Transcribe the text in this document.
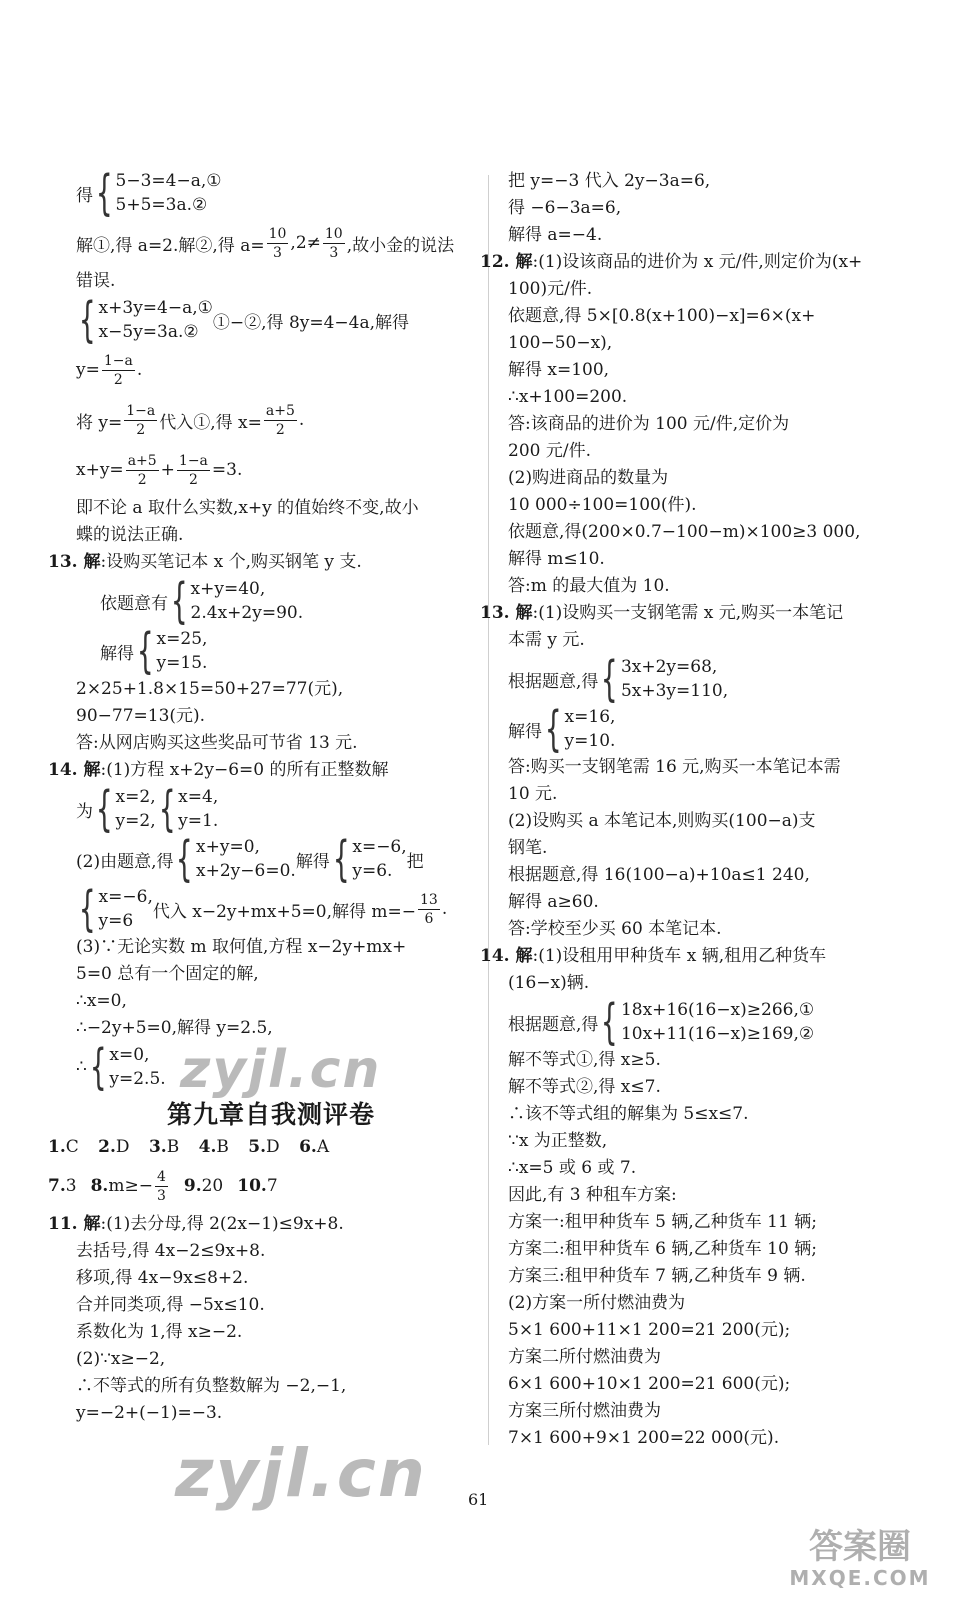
得 { 5−3=4−a,①
5+5=3a.②
解①,得 a=2.解②,得 $a= \frac{10}{3} ,2\ne 10$
3 ,故小金的说法
错误.
{ x+3y=4−a,①
x−5y=3a.② ①−②,得 8y=4−4a,解得
$y= \frac{1-a}{2}$ .
将 $y= \frac{1-a}{2}$ 代入①,得 $x= \frac{a+5}{2}$ .
$x+y= \frac{a+5}{2} + \frac{1-a}{2} =3$.
即不论 a 取什么实数,x+y 的值始终不变,故小
蝶的说法正确.
13. 解:设购买笔记本 x 个,购买钢笔 y 支.
依题意有 { x+y=40,
2.4x+2y=90.
解得 { x=25,
y=15.
2×25+1.8×15=50+27=77(元),
90−77=13(元).
答:从网店购买这些奖品可节省 13 元.
14. 解:(1)方程 x+2y−6=0 的所有正整数解
为 { x=2,
y=2, { x=4,
y=1.
(2)由题意,得 { x+y=0,
x+2y−6=0. 解得 { x=−6,
y=6. 把
{ x=−6,
y=6	代入 x−2y+mx+5=0,解得 $m=- \frac{13}{6}$ .
(3)∵无论实数 m 取何值,方程 x−2y+mx+
5=0 总有一个固定的解,
∴x=0,
∴−2y+5=0,解得 y=2.5,
∴ { x=0,
y=2.5.
第九章自我测评卷
1.C 2.D 3.B 4.B 5.D 6.A
7. 3 8. $m\ge- \frac{4}{3} 9$. 20 10. 7
11. 解:(1)去分母,得 2(2x−1)≤9x+8.
去括号,得 4x−2≤9x+8.
移项,得 4x−9x≤8+2.
合并同类项,得 −5x≤10.
系数化为 1,得 x≥−2.
(2)∵x≥−2,
∴不等式的所有负整数解为 −2,−1,
y=−2+(−1)=−3.
把 y=−3 代入 2y−3a=6,
得 −6−3a=6,
解得 a=−4.
12. 解:(1)设该商品的进价为 x 元/件,则定价为(x+
100)元/件.
依题意,得 5×[0.8(x+100)−x]=6×(x+
100−50−x),
解得 x=100,
∴x+100=200.
答:该商品的进价为 100 元/件,定价为
200 元/件.
(2)购进商品的数量为
10 000÷100=100(件).
依题意,得(200×0.7−100−m)×100≥3 000,
解得 m≤10.
答:m 的最大值为 10.
13. 解:(1)设购买一支钢笔需 x 元,购买一本笔记
本需 y 元.
根据题意,得 { 3x+2y=68,
5x+3y=110,
解得 { x=16,
y=10.
答:购买一支钢笔需 16 元,购买一本笔记本需
10 元.
(2)设购买 a 本笔记本,则购买(100−a)支
钢笔.
根据题意,得 16(100−a)+10a≤1 240,
解得 a≥60.
答:学校至少买 60 本笔记本.
14. 解:(1)设租用甲种货车 x 辆,租用乙种货车
(16−x)辆.
根据题意,得 { 18x+16(16−x)≥266,①
10x+11(16−x)≥169,②
解不等式①,得 x≥5.
解不等式②,得 x≤7.
∴该不等式组的解集为 5≤x≤7.
∵x 为正整数,
∴x=5 或 6 或 7.
因此,有 3 种租车方案:
方案一:租甲种货车 5 辆,乙种货车 11 辆;
方案二:租甲种货车 6 辆,乙种货车 10 辆;
方案三:租甲种货车 7 辆,乙种货车 9 辆.
(2)方案一所付燃油费为
5×1 600+11×1 200=21 200(元);
方案二所付燃油费为
6×1 600+10×1 200=21 600(元);
方案三所付燃油费为
7×1 600+9×1 200=22 000(元).
61
zyjl.cn
zyjl.cn
答案圈
MXQE.COM
